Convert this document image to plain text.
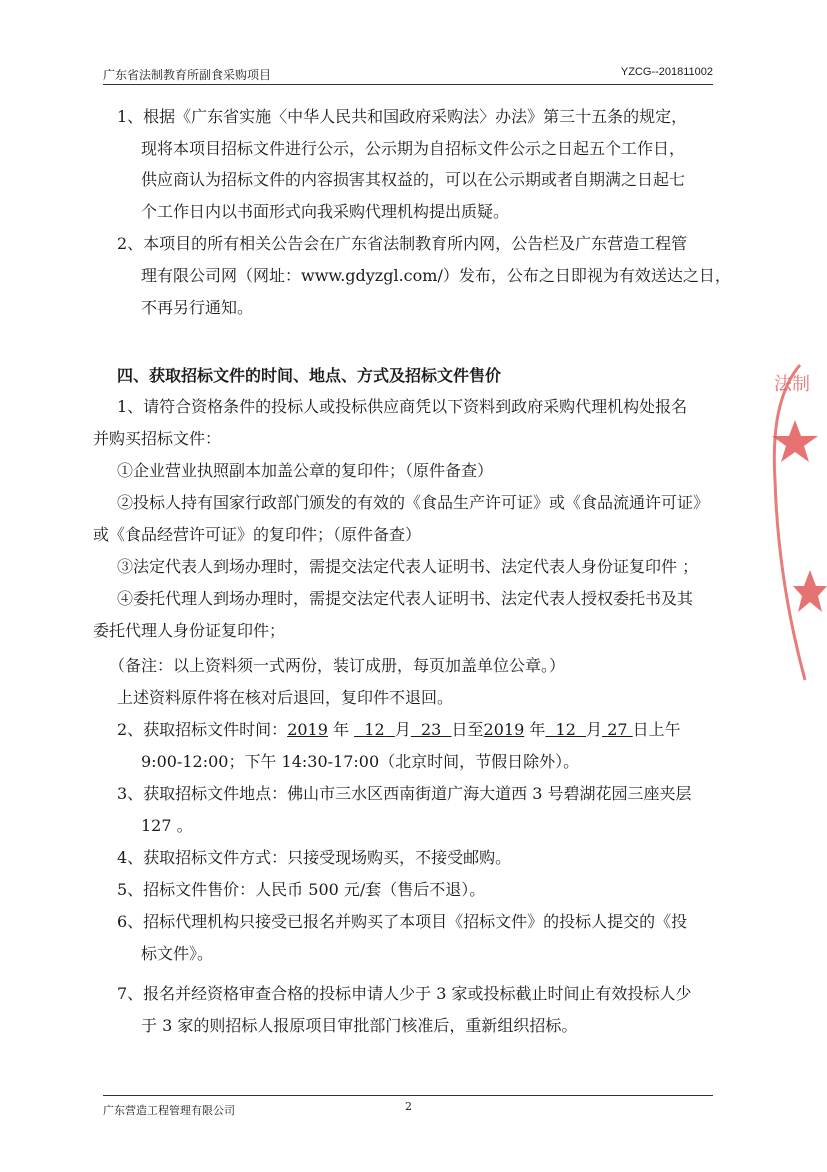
广东省法制教育所副食采购项目	YZCG--201811002
1、根据《广东省实施〈中华人民共和国政府采购法〉办法》第三十五条的规定，
现将本项目招标文件进行公示，公示期为自招标文件公示之日起五个工作日，
供应商认为招标文件的内容损害其权益的，可以在公示期或者自期满之日起七
个工作日内以书面形式向我采购代理机构提出质疑。
2、本项目的所有相关公告会在广东省法制教育所内网，公告栏及广东营造工程管
理有限公司网（网址：www.gdyzgl.com/）发布，公布之日即视为有效送达之日，
不再另行通知。
四、获取招标文件的时间、地点、方式及招标文件售价
1、请符合资格条件的投标人或投标供应商凭以下资料到政府采购代理机构处报名
并购买招标文件：
①企业营业执照副本加盖公章的复印件；（原件备查）
②投标人持有国家行政部门颁发的有效的《食品生产许可证》或《食品流通许可证》
或《食品经营许可证》的复印件；（原件备查）
③法定代表人到场办理时，需提交法定代表人证明书、法定代表人身份证复印件 ；
④委托代理人到场办理时，需提交法定代表人证明书、法定代表人授权委托书及其
委托代理人身份证复印件；
（备注：以上资料须一式两份，装订成册，每页加盖单位公章。）
上述资料原件将在核对后退回，复印件不退回。
2、获取招标文件时间：2019 年 12 月 23 日至2019 年 12 月 27 日上午
9:00-12:00；下午 14:30-17:00（北京时间，节假日除外）。
3、获取招标文件地点：佛山市三水区西南街道广海大道西 3 号碧湖花园三座夹层
127 。
4、获取招标文件方式：只接受现场购买，不接受邮购。
5、招标文件售价：人民币 500 元/套（售后不退）。
6、招标代理机构只接受已报名并购买了本项目《招标文件》的投标人提交的《投
标文件》。
7、报名并经资格审查合格的投标申请人少于 3 家或投标截止时间止有效投标人少
于 3 家的则招标人报原项目审批部门核准后，重新组织招标。
法制
广东营造工程管理有限公司	2
